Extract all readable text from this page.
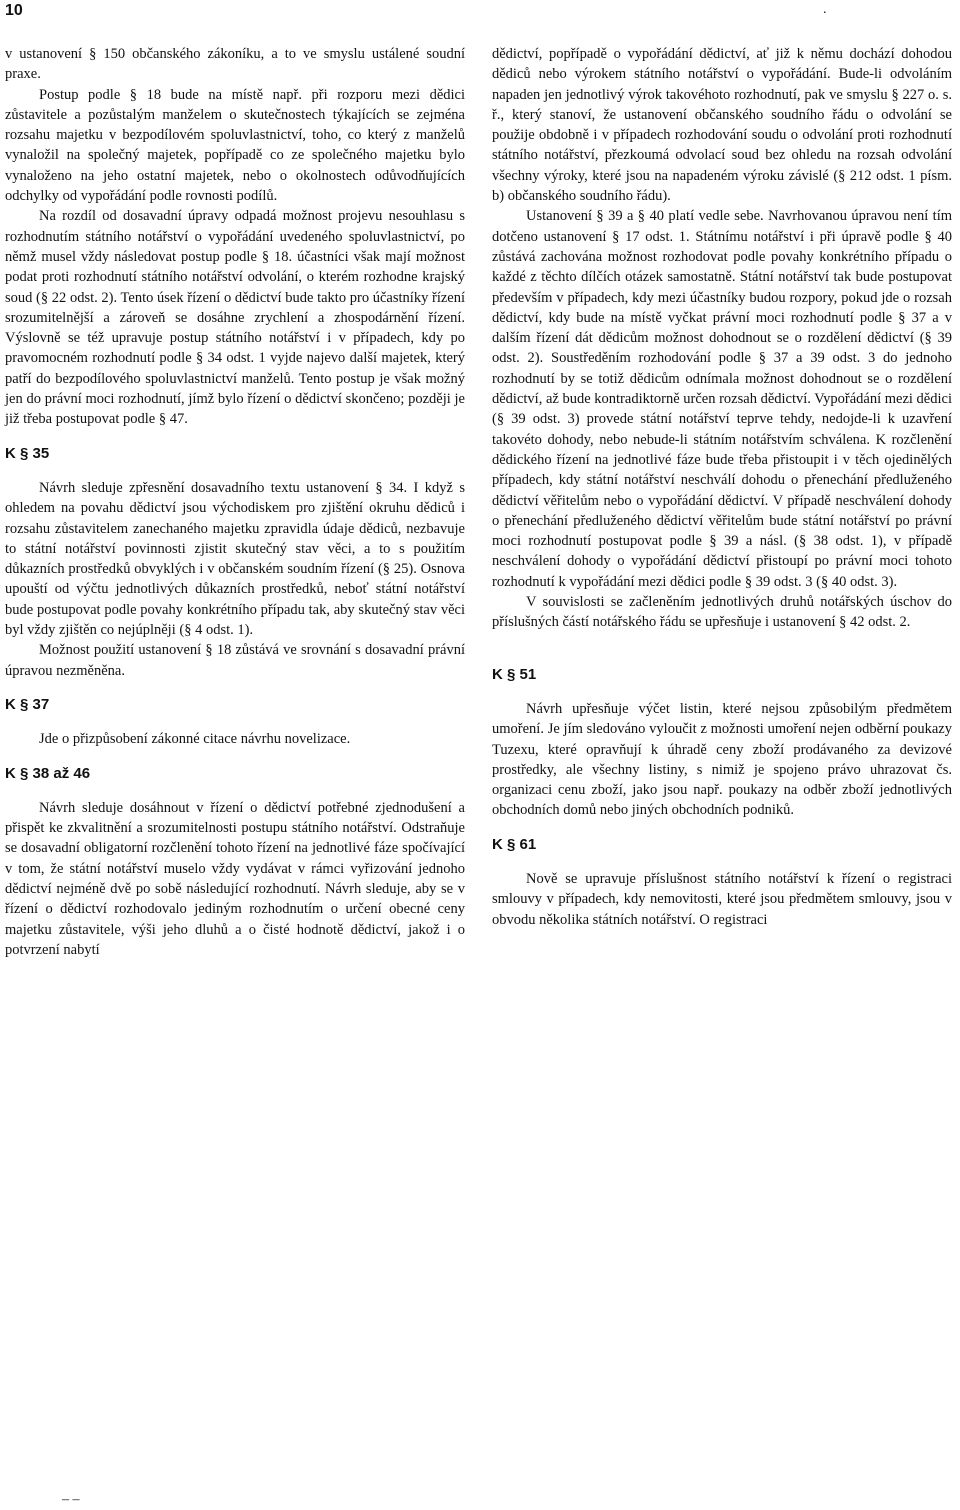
10	.

v ustanovení § 150 občanského zákoníku, a to ve smyslu ustálené soudní praxe.

Postup podle § 18 bude na místě např. při rozporu mezi dědici zůstavitele a pozůstalým manželem o skutečnostech týkajících se zejména rozsahu majetku v bezpodílovém spoluvlastnictví, toho, co který z manželů vynaložil na společný majetek, popřípadě co ze společného majetku bylo vynaloženo na jeho ostatní majetek, nebo o okolnostech odůvodňujících odchylky od vypořádání podle rovnosti podílů.

Na rozdíl od dosavadní úpravy odpadá možnost projevu nesouhlasu s rozhodnutím státního notářství o vypořádání uvedeného spoluvlastnictví, po němž musel vždy následovat postup podle § 18. účastníci však mají možnost podat proti rozhodnutí státního notářství odvolání, o kterém rozhodne krajský soud (§ 22 odst. 2). Tento úsek řízení o dědictví bude takto pro účastníky řízení srozumitelnější a zároveň se dosáhne zrychlení a zhospodárnění řízení. Výslovně se též upravuje postup státního notářství i v případech, kdy po pravomocném rozhodnutí podle § 34 odst. 1 vyjde najevo další majetek, který patří do bezpodílového spoluvlastnictví manželů. Tento postup je však možný jen do právní moci rozhodnutí, jímž bylo řízení o dědictví skončeno; později je již třeba postupovat podle § 47.

K § 35

Návrh sleduje zpřesnění dosavadního textu ustanovení § 34. I když s ohledem na povahu dědictví jsou východiskem pro zjištění okruhu dědiců i rozsahu zůstavitelem zanechaného majetku zpravidla údaje dědiců, nezbavuje to státní notářství povinnosti zjistit skutečný stav věci, a to s použitím důkazních prostředků obvyklých i v občanském soudním řízení (§ 25). Osnova upouští od výčtu jednotlivých důkazních prostředků, neboť státní notářství bude postupovat podle povahy konkrétního případu tak, aby skutečný stav věci byl vždy zjištěn co nejúplněji (§ 4 odst. 1).

Možnost použití ustanovení § 18 zůstává ve srovnání s dosavadní právní úpravou nezměněna.

K § 37

Jde o přizpůsobení zákonné citace návrhu novelizace.

K § 38 až 46

Návrh sleduje dosáhnout v řízení o dědictví potřebné zjednodušení a přispět ke zkvalitnění a srozumitelnosti postupu státního notářství. Odstraňuje se dosavadní obligatorní rozčlenění tohoto řízení na jednotlivé fáze spočívající v tom, že státní notářství muselo vždy vydávat v rámci vyřizování jednoho dědictví nejméně dvě po sobě následující rozhodnutí. Návrh sleduje, aby se v řízení o dědictví rozhodovalo jediným rozhodnutím o určení obecné ceny majetku zůstavitele, výši jeho dluhů a o čisté hodnotě dědictví, jakož i o potvrzení nabytí

dědictví, popřípadě o vypořádání dědictví, ať již k němu dochází dohodou dědiců nebo výrokem státního notářství o vypořádání. Bude-li odvoláním napaden jen jednotlivý výrok takovéhoto rozhodnutí, pak ve smyslu § 227 o. s. ř., který stanoví, že ustanovení občanského soudního řádu o odvolání se použije obdobně i v případech rozhodování soudu o odvolání proti rozhodnutí státního notářství, přezkoumá odvolací soud bez ohledu na rozsah odvolání všechny výroky, které jsou na napadeném výroku závislé (§ 212 odst. 1 písm. b) občanského soudního řádu).

Ustanovení § 39 a § 40 platí vedle sebe. Navrhovanou úpravou není tím dotčeno ustanovení § 17 odst. 1. Státnímu notářství i při úpravě podle § 40 zůstává zachována možnost rozhodovat podle povahy konkrétního případu o každé z těchto dílčích otázek samostatně. Státní notářství tak bude postupovat především v případech, kdy mezi účastníky budou rozpory, pokud jde o rozsah dědictví, kdy bude na místě vyčkat právní moci rozhodnutí podle § 37 a v dalším řízení dát dědicům možnost dohodnout se o rozdělení dědictví (§ 39 odst. 2). Soustředěním rozhodování podle § 37 a 39 odst. 3 do jednoho rozhodnutí by se totiž dědicům odnímala možnost dohodnout se o rozdělení dědictví, až bude kontradiktorně určen rozsah dědictví. Vypořádání mezi dědici (§ 39 odst. 3) provede státní notářství teprve tehdy, nedojde-li k uzavření takovéto dohody, nebo nebude-li státním notářstvím schválena. K rozčlenění dědického řízení na jednotlivé fáze bude třeba přistoupit i v těch ojedinělých případech, kdy státní notářství neschválí dohodu o přenechání předluženého dědictví věřitelům nebo o vypořádání dědictví. V případě neschválení dohody o přenechání předluženého dědictví věřitelům bude státní notářství po právní moci rozhodnutí postupovat podle § 39 a násl. (§ 38 odst. 1), v případě neschválení dohody o vypořádání dědictví přistoupí po právní moci tohoto rozhodnutí k vypořádání mezi dědici podle § 39 odst. 3 (§ 40 odst. 3).

V souvislosti se začleněním jednotlivých druhů notářských úschov do příslušných částí notářského řádu se upřesňuje i ustanovení § 42 odst. 2.

K § 51

Návrh upřesňuje výčet listin, které nejsou způsobilým předmětem umoření. Je jím sledováno vyloučit z možnosti umoření nejen odběrní poukazy Tuzexu, které opravňují k úhradě ceny zboží prodávaného za devizové prostředky, ale všechny listiny, s nimiž je spojeno právo uhrazovat čs. organizaci cenu zboží, jako jsou např. poukazy na odběr zboží jednotlivých obchodních domů nebo jiných obchodních podniků.

K § 61

Nově se upravuje příslušnost státního notářství k řízení o registraci smlouvy v případech, kdy nemovitosti, které jsou předmětem smlouvy, jsou v obvodu několika státních notářství. O registraci

– –
